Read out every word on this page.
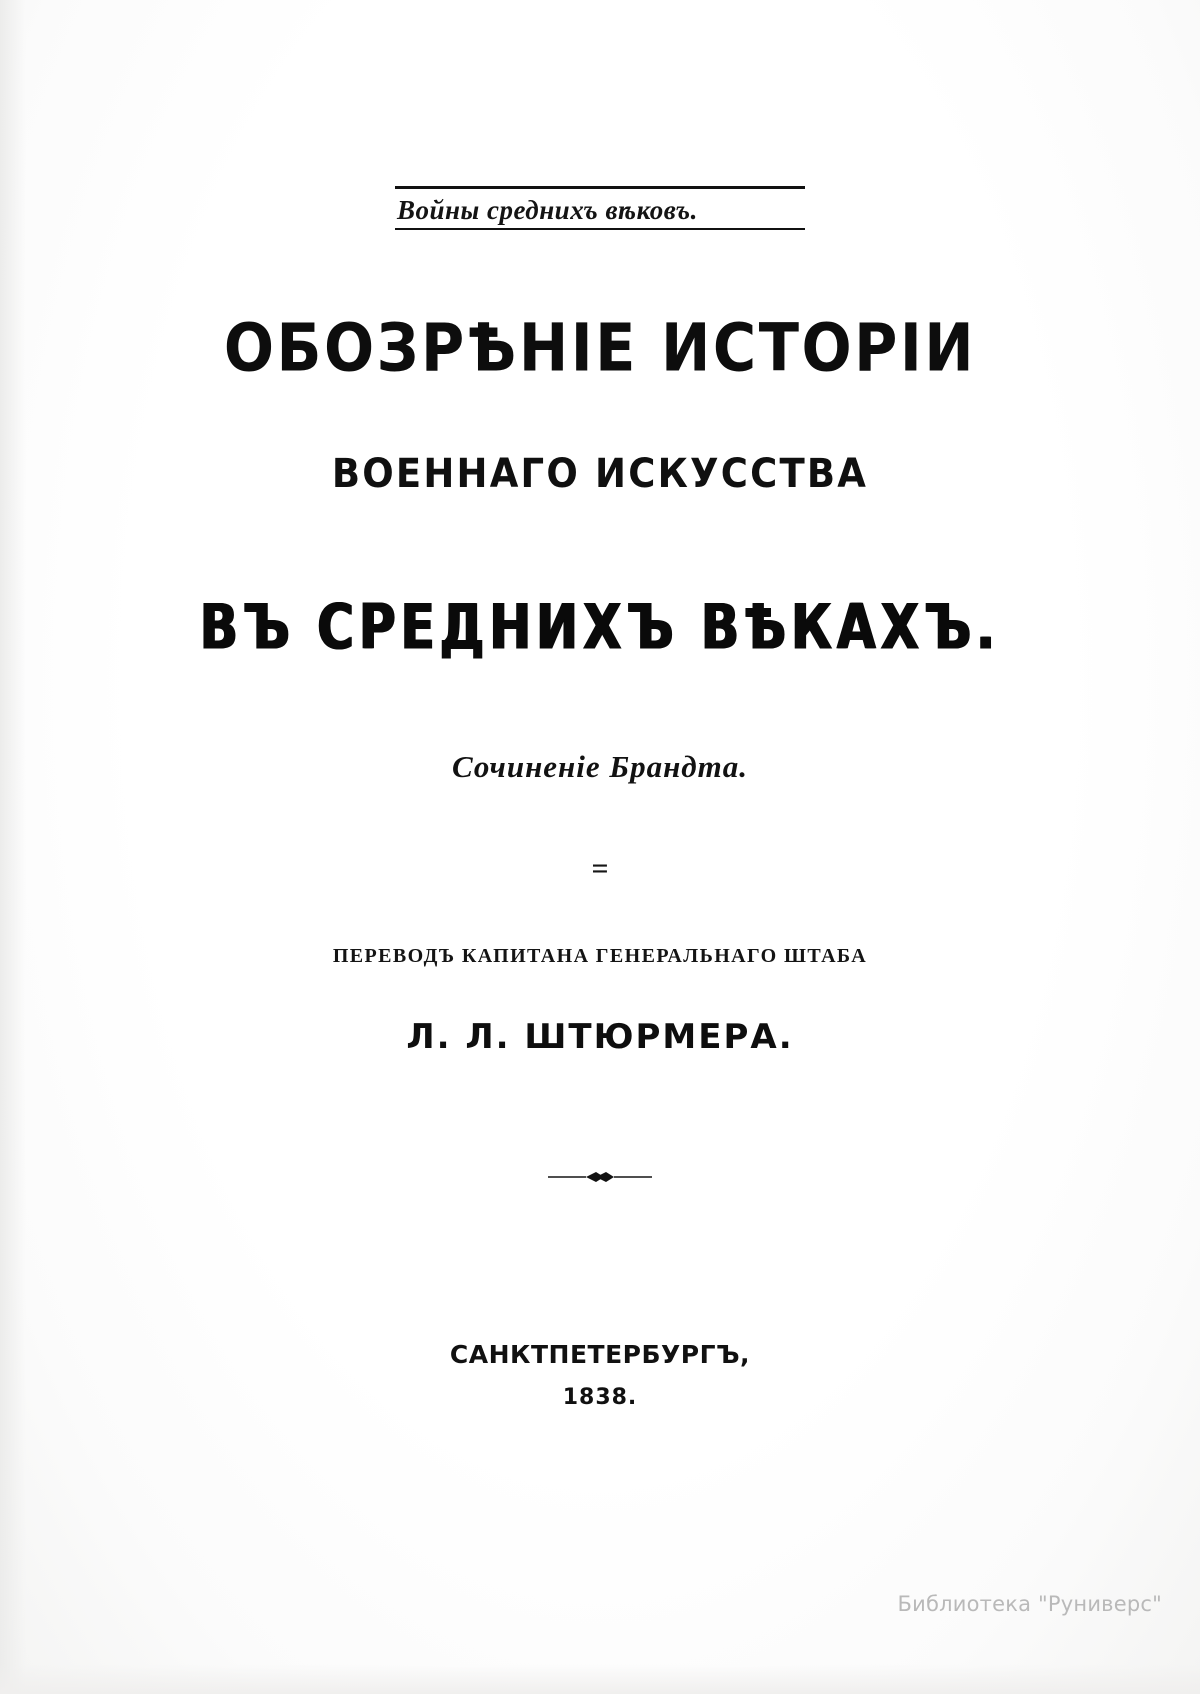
Войны среднихъ вѣковъ.
ОБОЗРѢНІЕ ИСТОРІИ
ВОЕННАГО ИСКУССТВА
ВЪ СРЕДНИХЪ ВѢКАХЪ.
Сочиненіе Брандта.
=
ПЕРЕВОДЪ КАПИТАНА ГЕНЕРАЛЬНАГО ШТАБА
Л. Л. ШТЮРМЕРА.
САНКТПЕТЕРБУРГЪ,
1838.
Библиотека "Руниверс"
